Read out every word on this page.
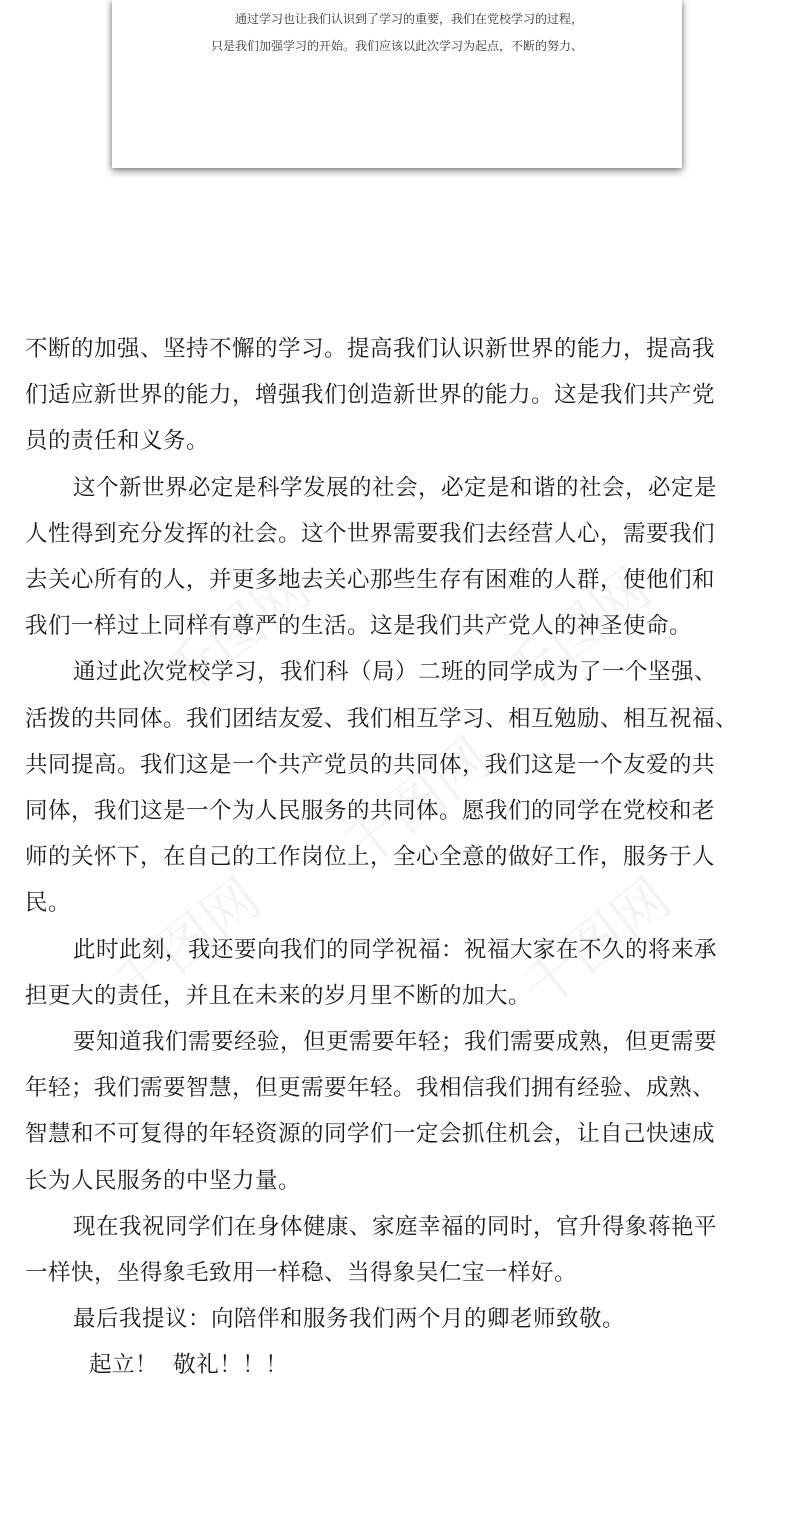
通过学习也让我们认识到了学习的重要，我们在党校学习的过程，
只是我们加强学习的开始。我们应该以此次学习为起点，不断的努力、

不断的加强、坚持不懈的学习。提高我们认识新世界的能力，提高我
们适应新世界的能力，增强我们创造新世界的能力。这是我们共产党
员的责任和义务。

这个新世界必定是科学发展的社会，必定是和谐的社会，必定是
人性得到充分发挥的社会。这个世界需要我们去经营人心，需要我们
去关心所有的人，并更多地去关心那些生存有困难的人群，使他们和
我们一样过上同样有尊严的生活。这是我们共产党人的神圣使命。

通过此次党校学习，我们科（局）二班的同学成为了一个坚强、
活拨的共同体。我们团结友爱、我们相互学习、相互勉励、相互祝福、
共同提高。我们这是一个共产党员的共同体，我们这是一个友爱的共
同体，我们这是一个为人民服务的共同体。愿我们的同学在党校和老
师的关怀下，在自己的工作岗位上，全心全意的做好工作，服务于人
民。

此时此刻，我还要向我们的同学祝福：祝福大家在不久的将来承
担更大的责任，并且在未来的岁月里不断的加大。

要知道我们需要经验，但更需要年轻；我们需要成熟，但更需要
年轻；我们需要智慧，但更需要年轻。我相信我们拥有经验、成熟、
智慧和不可复得的年轻资源的同学们一定会抓住机会，让自己快速成
长为人民服务的中坚力量。

现在我祝同学们在身体健康、家庭幸福的同时，官升得象蒋艳平
一样快，坐得象毛致用一样稳、当得象吴仁宝一样好。

最后我提议：向陪伴和服务我们两个月的卿老师致敬。

起立！  敬礼！！！
